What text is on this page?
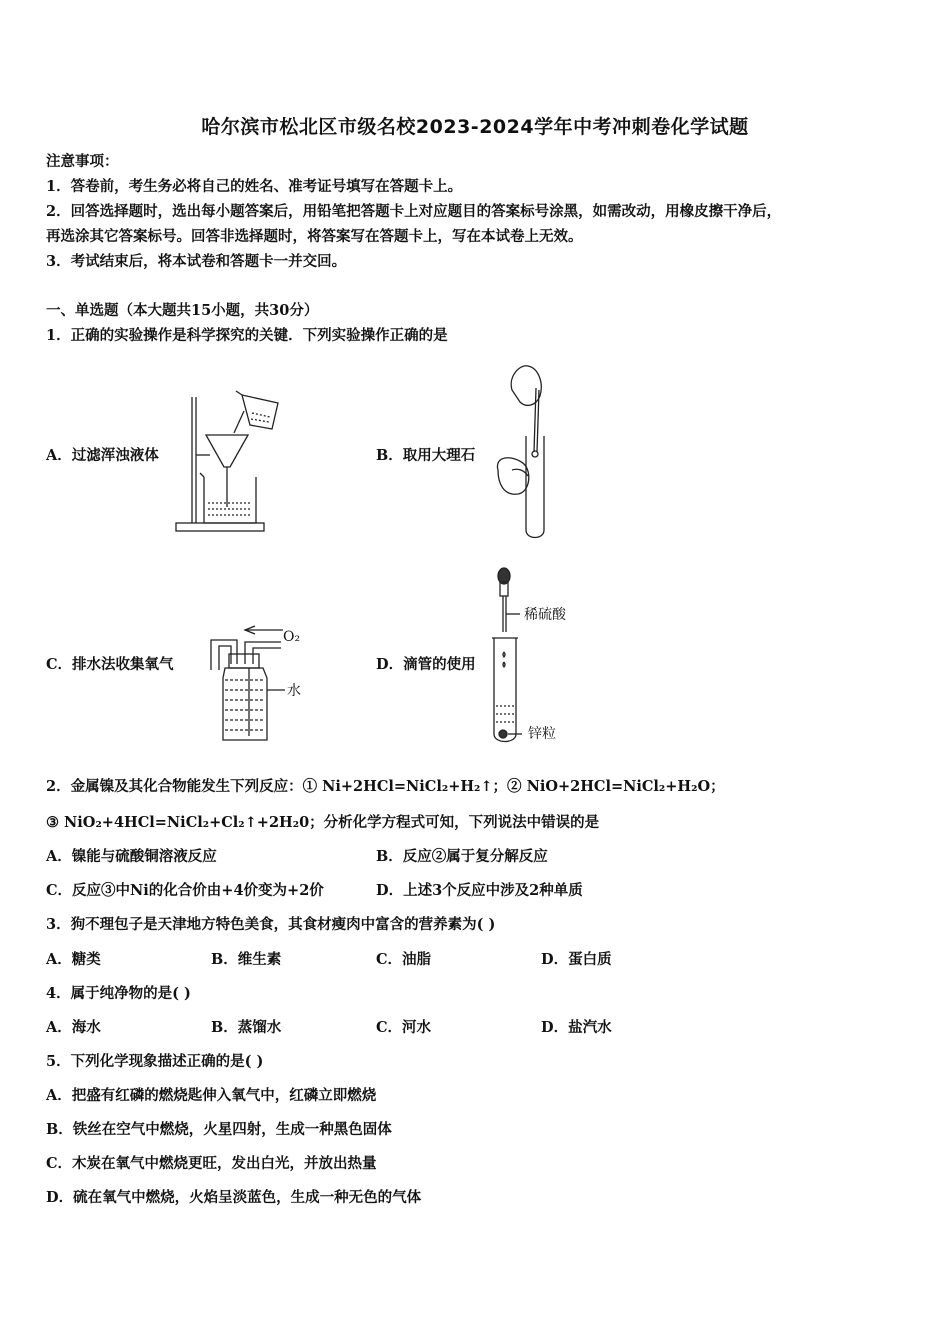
哈尔滨市松北区市级名校2023-2024学年中考冲刺卷化学试题
注意事项：
1．答卷前，考生务必将自己的姓名、准考证号填写在答题卡上。
2．回答选择题时，选出每小题答案后，用铅笔把答题卡上对应题目的答案标号涂黑，如需改动，用橡皮擦干净后，
再选涂其它答案标号。回答非选择题时，将答案写在答题卡上，写在本试卷上无效。
3．考试结束后，将本试卷和答题卡一并交回。
一、单选题（本大题共15小题，共30分）
1．正确的实验操作是科学探究的关键．下列实验操作正确的是
A．过滤浑浊液体	B．取用大理石
C．排水法收集氧气	D．滴管的使用
O₂
水
稀硫酸
锌粒
2．金属镍及其化合物能发生下列反应：① Ni+2HCl=NiCl₂+H₂↑；② NiO+2HCl=NiCl₂+H₂O；
③ NiO₂+4HCl=NiCl₂+Cl₂↑+2H₂0；分析化学方程式可知，下列说法中错误的是
A．镍能与硫酸铜溶液反应	B．反应②属于复分解反应
C．反应③中Ni的化合价由+4价变为+2价	D．上述3个反应中涉及2种单质
3．狗不理包子是天津地方特色美食，其食材瘦肉中富含的营养素为( )
A．糖类	B．维生素	C．油脂	D．蛋白质
4．属于纯净物的是( )
A．海水	B．蒸馏水	C．河水	D．盐汽水
5．下列化学现象描述正确的是( )
A．把盛有红磷的燃烧匙伸入氧气中，红磷立即燃烧
B．铁丝在空气中燃烧，火星四射，生成一种黑色固体
C．木炭在氧气中燃烧更旺，发出白光，并放出热量
D．硫在氧气中燃烧，火焰呈淡蓝色，生成一种无色的气体
